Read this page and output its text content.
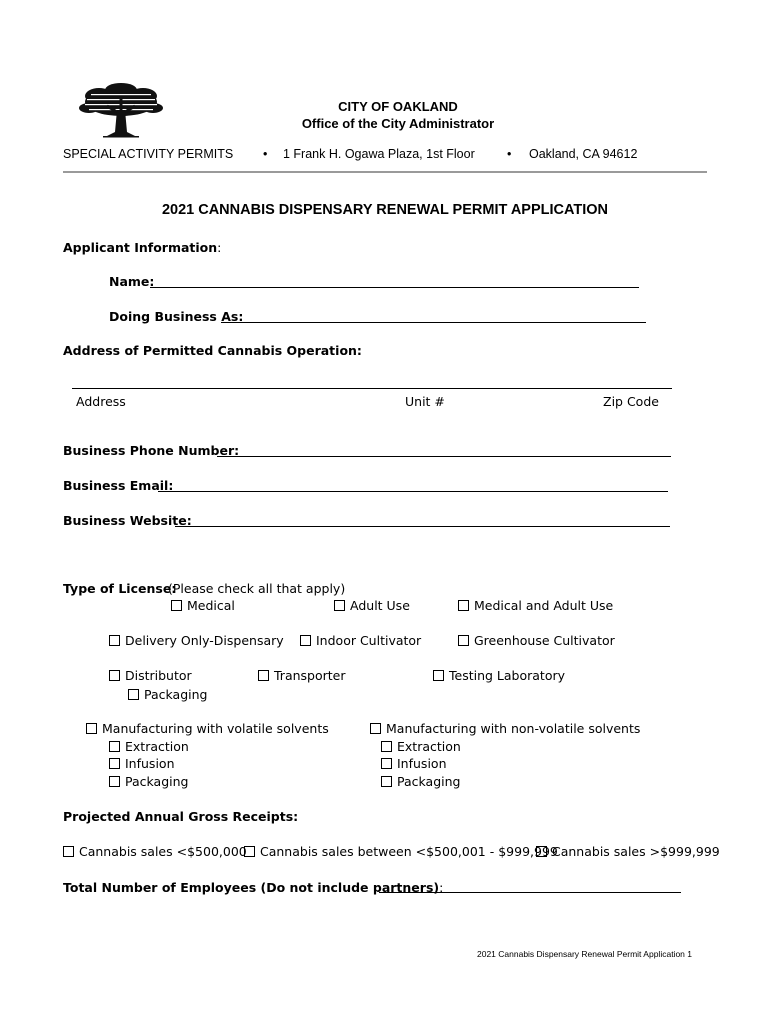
CITY OF OAKLAND
Office of the City Administrator
SPECIAL ACTIVITY PERMITS • 1 Frank H. Ogawa Plaza, 1st Floor	• Oakland, CA 94612
2021 CANNABIS DISPENSARY RENEWAL PERMIT APPLICATION
Applicant Information:
Name:
Doing Business As:
Address of Permitted Cannabis Operation:
Address	Unit #	Zip Code
Business Phone Number:
Business Email:
Business Website:
Type of License:
(Please check all that apply)
Medical	Adult Use	Medical and Adult Use
Delivery Only-Dispensary	Indoor Cultivator	Greenhouse Cultivator
Distributor	Transporter	Testing Laboratory
Packaging
Manufacturing with volatile solvents
Extraction
Infusion
Packaging
Manufacturing with non-volatile solvents
Extraction
Infusion
Packaging
Projected Annual Gross Receipts:
Cannabis sales <$500,000 Cannabis sales between <$500,001 - $999,999
Cannabis sales >$999,999
Total Number of Employees (Do not include partners):
2021 Cannabis Dispensary Renewal Permit Application 1
